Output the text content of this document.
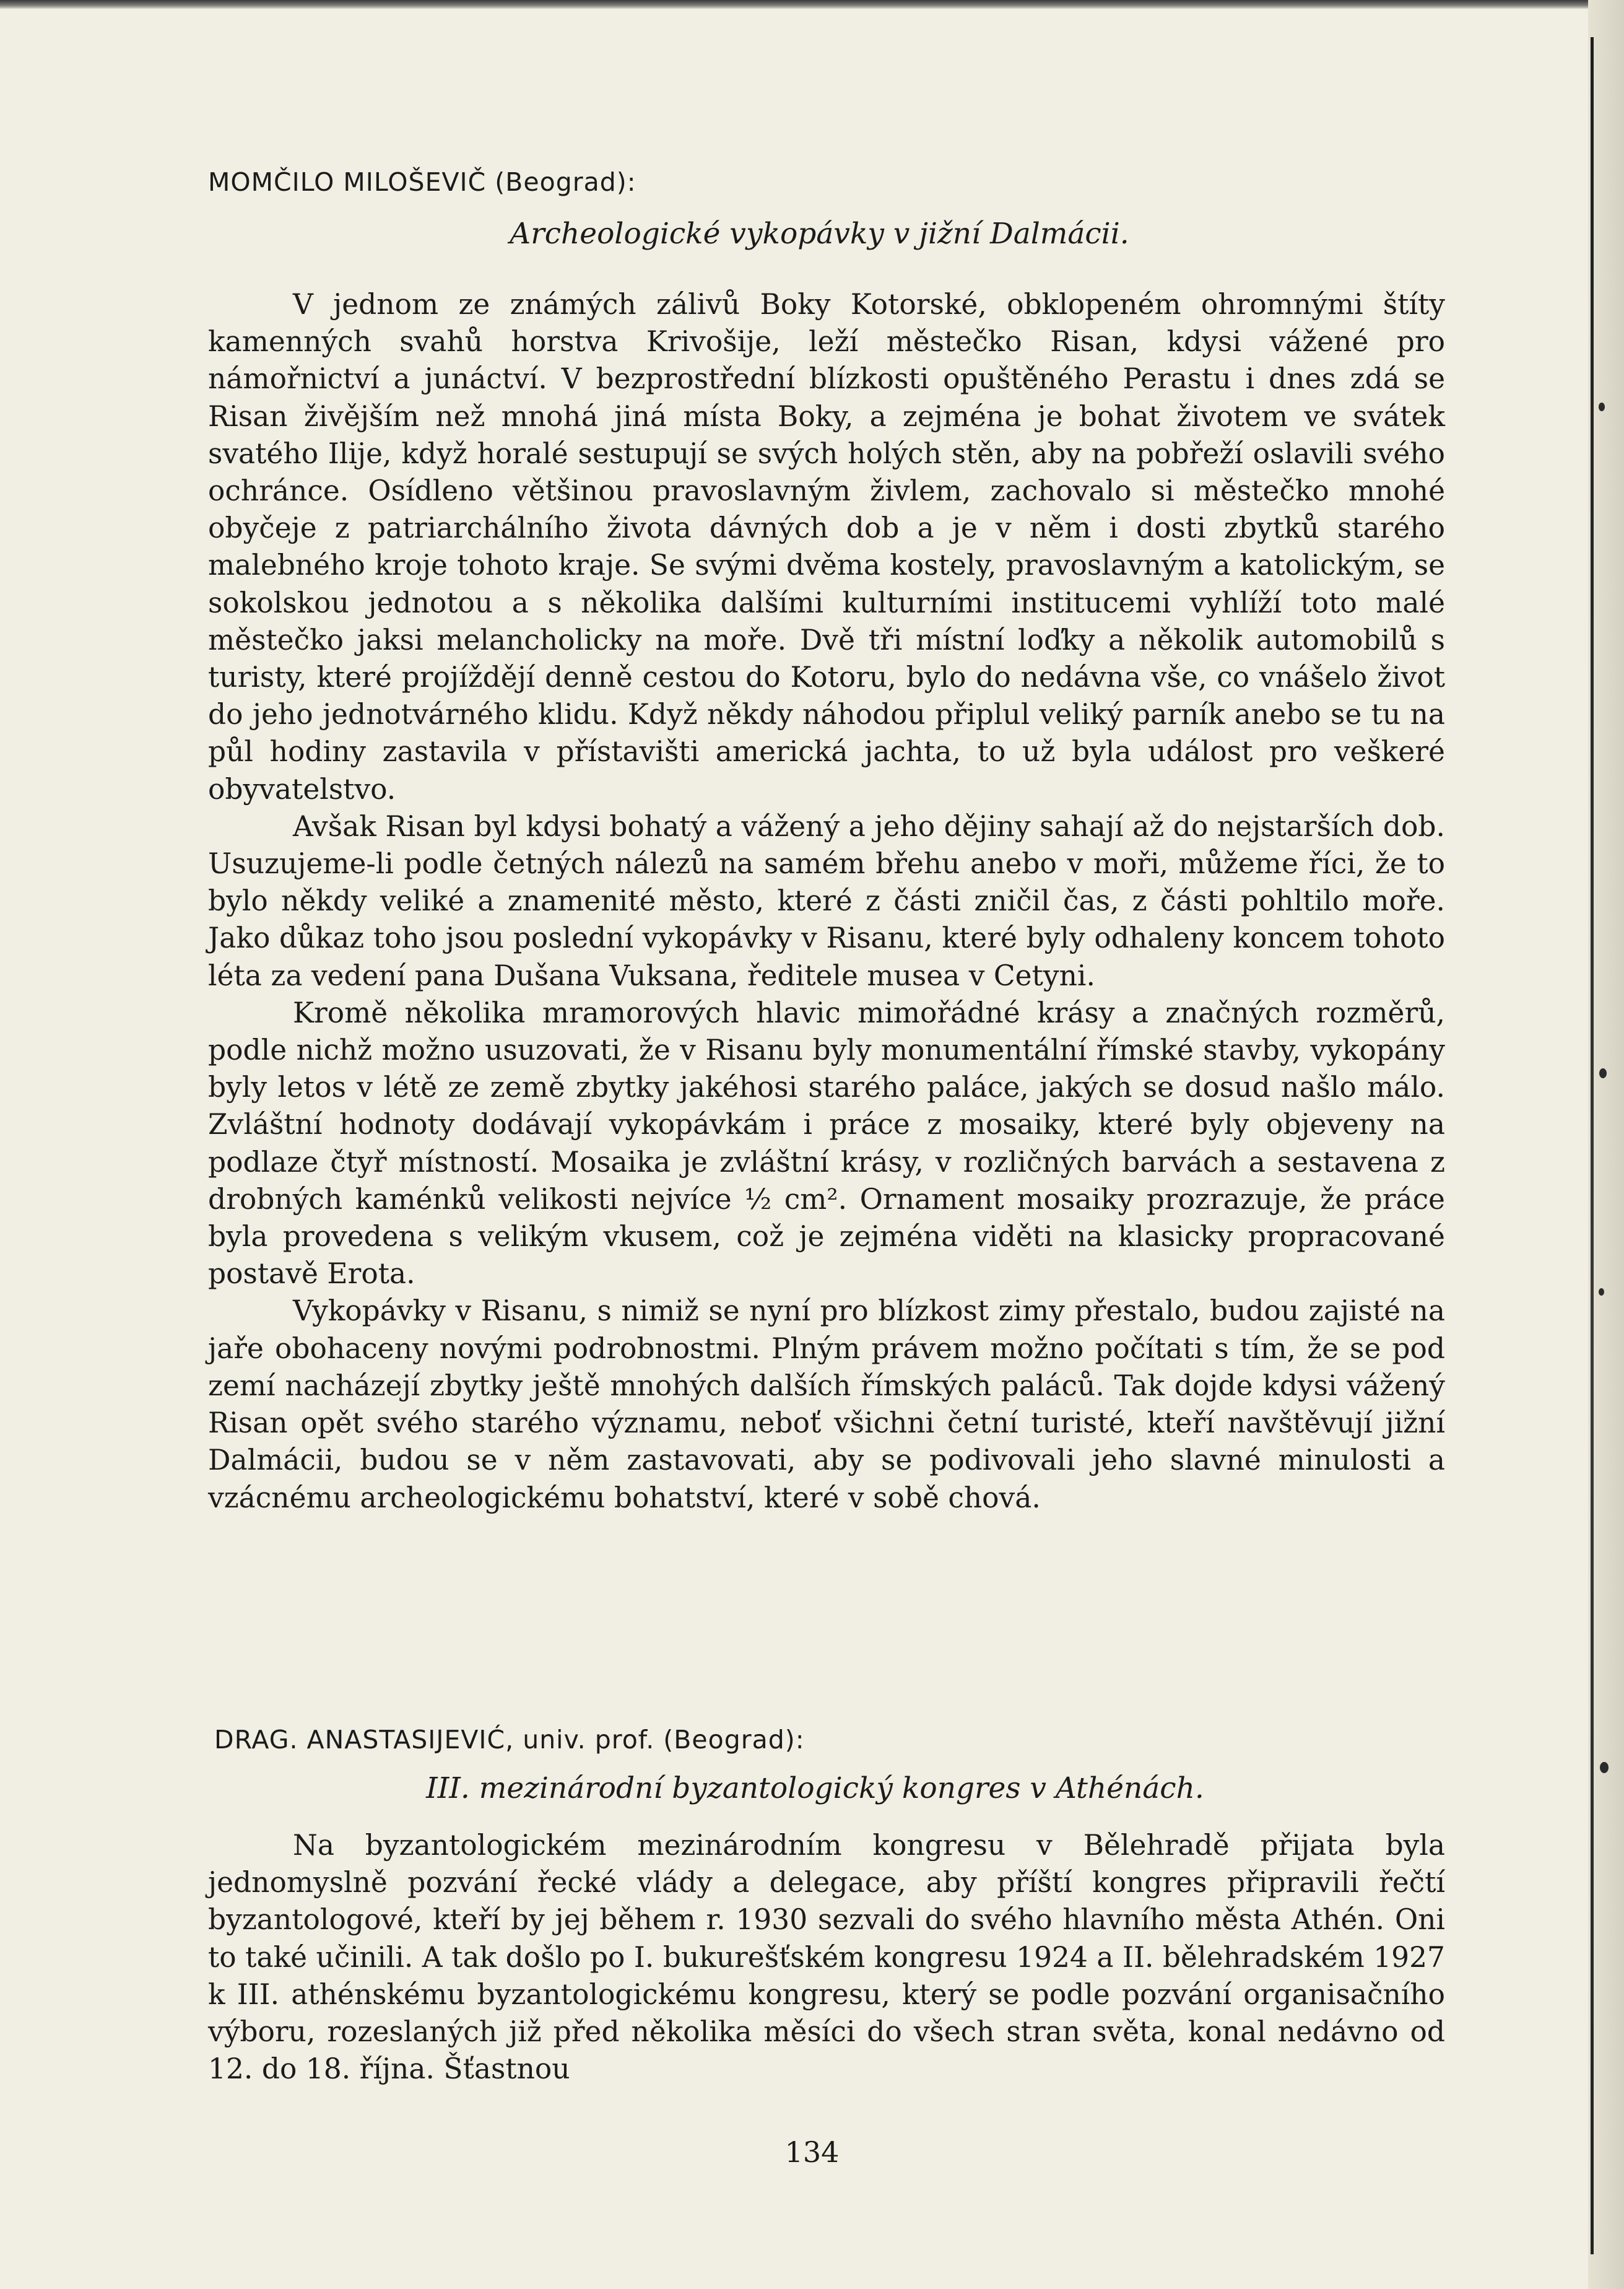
MOMČILO MILOŠEVIČ (Beograd):
Archeologické vykopávky v jižní Dalmácii.

V jednom ze známých zálivů Boky Kotorské, obklopeném ohromnými štíty kamenných svahů horstva Krivošije, leží městečko Risan, kdysi vážené pro námořnictví a junáctví. V bezprostřední blízkosti opuštěného Perastu i dnes zdá se Risan živějším než mnohá jiná místa Boky, a zejména je bohat životem ve svátek svatého Ilije, když horalé sestupují se svých holých stěn, aby na pobřeží oslavili svého ochránce. Osídleno většinou pravoslavným živlem, zachovalo si městečko mnohé obyčeje z patriarchálního života dávných dob a je v něm i dosti zbytků starého malebného kroje tohoto kraje. Se svými dvěma kostely, pravoslavným a katolickým, se sokolskou jednotou a s několika dalšími kulturními institucemi vyhlíží toto malé městečko jaksi melancholicky na moře. Dvě tři místní loďky a několik automobilů s turisty, které projíždějí denně cestou do Kotoru, bylo do nedávna vše, co vnášelo život do jeho jednotvárného klidu. Když někdy náhodou připlul veliký parník anebo se tu na půl hodiny zastavila v přístavišti americká jachta, to už byla událost pro veškeré obyvatelstvo.

Avšak Risan byl kdysi bohatý a vážený a jeho dějiny sahají až do nejstarších dob. Usuzujeme-li podle četných nálezů na samém břehu anebo v moři, můžeme říci, že to bylo někdy veliké a znamenité město, které z části zničil čas, z části pohltilo moře. Jako důkaz toho jsou poslední vykopávky v Risanu, které byly odhaleny koncem tohoto léta za vedení pana Dušana Vuksana, ředitele musea v Cetyni.

Kromě několika mramorových hlavic mimořádné krásy a značných rozměrů, podle nichž možno usuzovati, že v Risanu byly monumentální římské stavby, vykopány byly letos v létě ze země zbytky jakéhosi starého paláce, jakých se dosud našlo málo. Zvláštní hodnoty dodávají vykopávkám i práce z mosaiky, které byly objeveny na podlaze čtyř místností. Mosaika je zvláštní krásy, v rozličných barvách a sestavena z drobných kaménků velikosti nejvíce ½ cm². Ornament mosaiky prozrazuje, že práce byla provedena s velikým vkusem, což je zejména viděti na klasicky propracované postavě Erota.

Vykopávky v Risanu, s nimiž se nyní pro blízkost zimy přestalo, budou zajisté na jaře obohaceny novými podrobnostmi. Plným právem možno počítati s tím, že se pod zemí nacházejí zbytky ještě mnohých dalších římských paláců. Tak dojde kdysi vážený Risan opět svého starého významu, neboť všichni četní turisté, kteří navštěvují jižní Dalmácii, budou se v něm zastavovati, aby se podivovali jeho slavné minulosti a vzácnému archeologickému bohatství, které v sobě chová.

DRAG. ANASTASIJEVIĆ, univ. prof. (Beograd):
III. mezinárodní byzantologický kongres v Athénách.

Na byzantologickém mezinárodním kongresu v Bělehradě přijata byla jednomyslně pozvání řecké vlády a delegace, aby příští kongres připravili řečtí byzantologové, kteří by jej během r. 1930 sezvali do svého hlavního města Athén. Oni to také učinili. A tak došlo po I. bukurešťském kongresu 1924 a II. bělehradském 1927 k III. athénskému byzantologickému kongresu, který se podle pozvání organisačního výboru, rozeslaných již před několika měsíci do všech stran světa, konal nedávno od 12. do 18. října. Šťastnou

134
